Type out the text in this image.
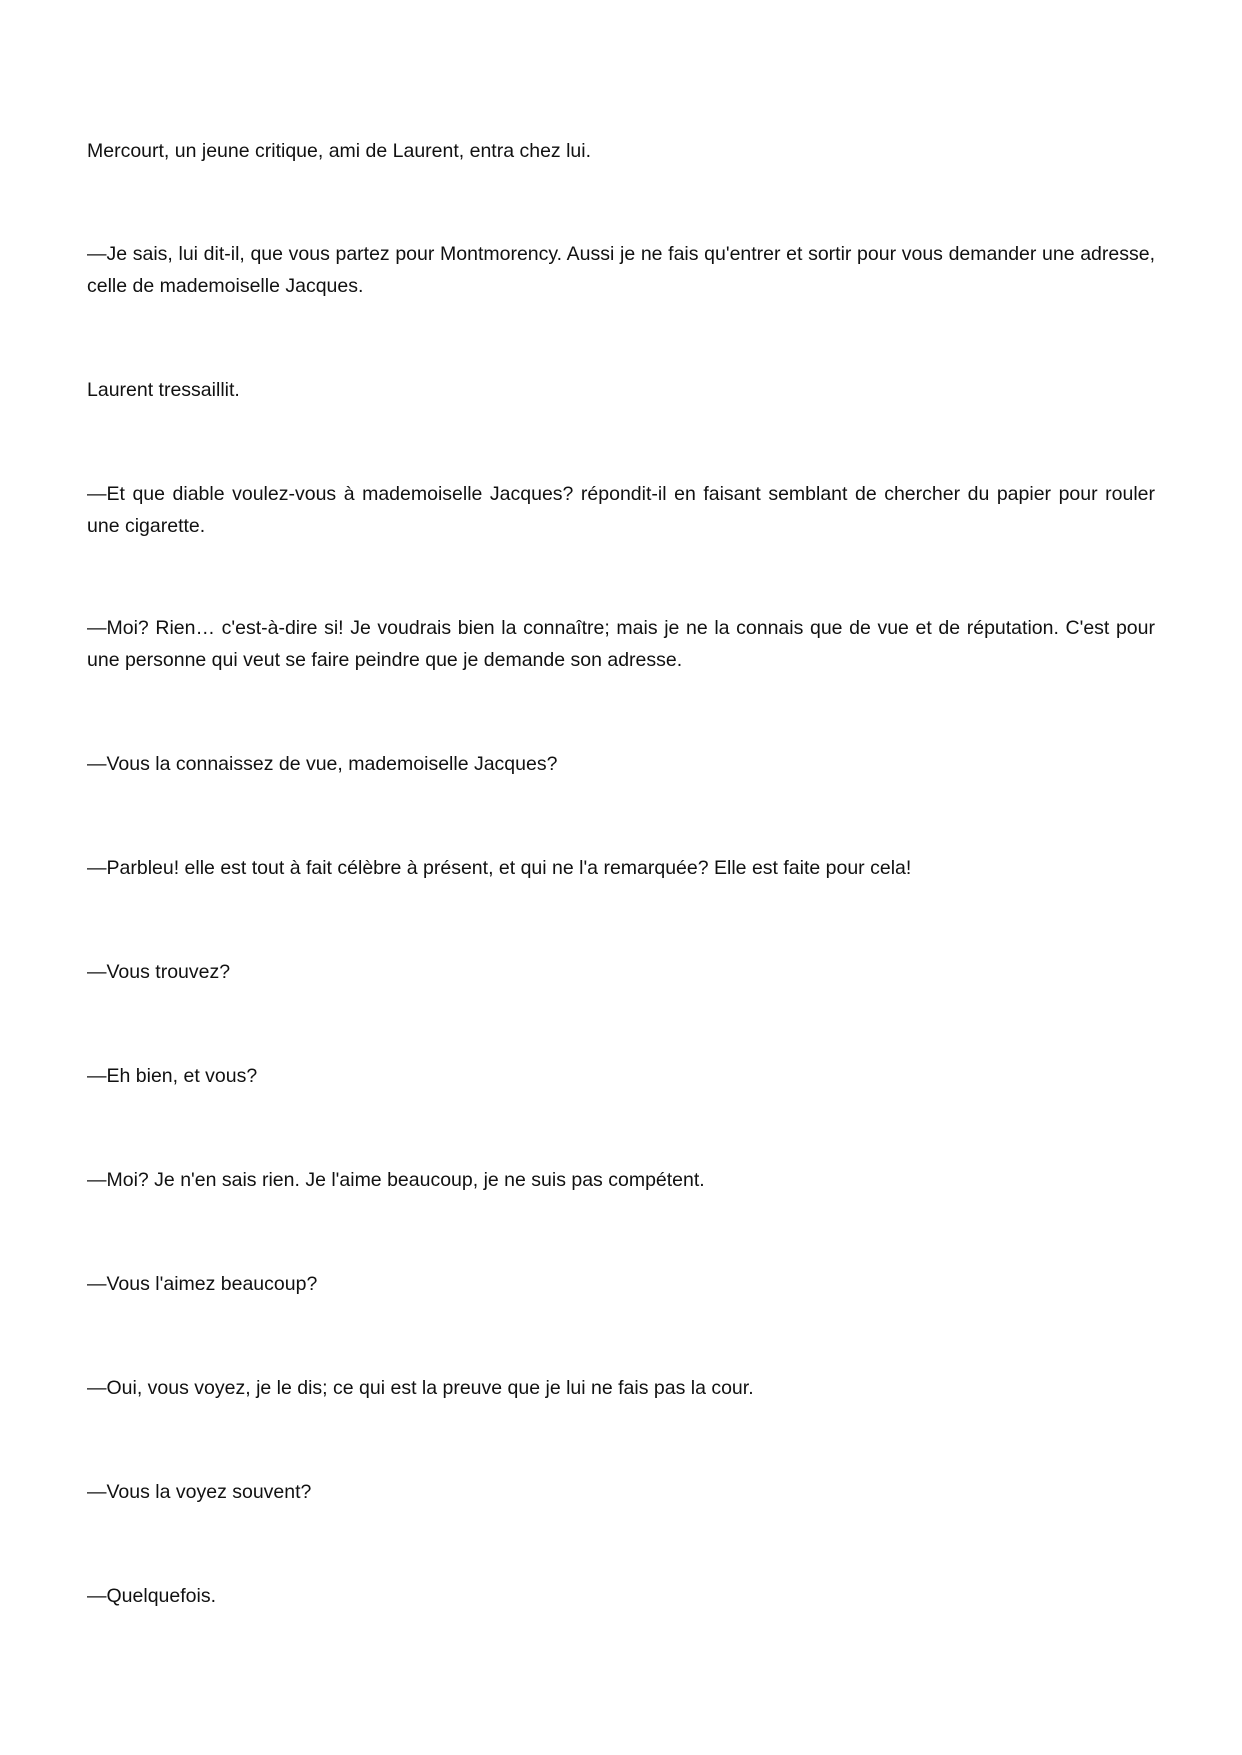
Mercourt, un jeune critique, ami de Laurent, entra chez lui.

—Je sais, lui dit-il, que vous partez pour Montmorency. Aussi je ne fais qu'entrer et sortir pour vous demander une adresse, celle de mademoiselle Jacques.

Laurent tressaillit.

—Et que diable voulez-vous à mademoiselle Jacques? répondit-il en faisant semblant de chercher du papier pour rouler une cigarette.

—Moi? Rien… c'est-à-dire si! Je voudrais bien la connaître; mais je ne la connais que de vue et de réputation. C'est pour une personne qui veut se faire peindre que je demande son adresse.

—Vous la connaissez de vue, mademoiselle Jacques?

—Parbleu! elle est tout à fait célèbre à présent, et qui ne l'a remarquée? Elle est faite pour cela!

—Vous trouvez?

—Eh bien, et vous?

—Moi? Je n'en sais rien. Je l'aime beaucoup, je ne suis pas compétent.

—Vous l'aimez beaucoup?

—Oui, vous voyez, je le dis; ce qui est la preuve que je lui ne fais pas la cour.

—Vous la voyez souvent?

—Quelquefois.
